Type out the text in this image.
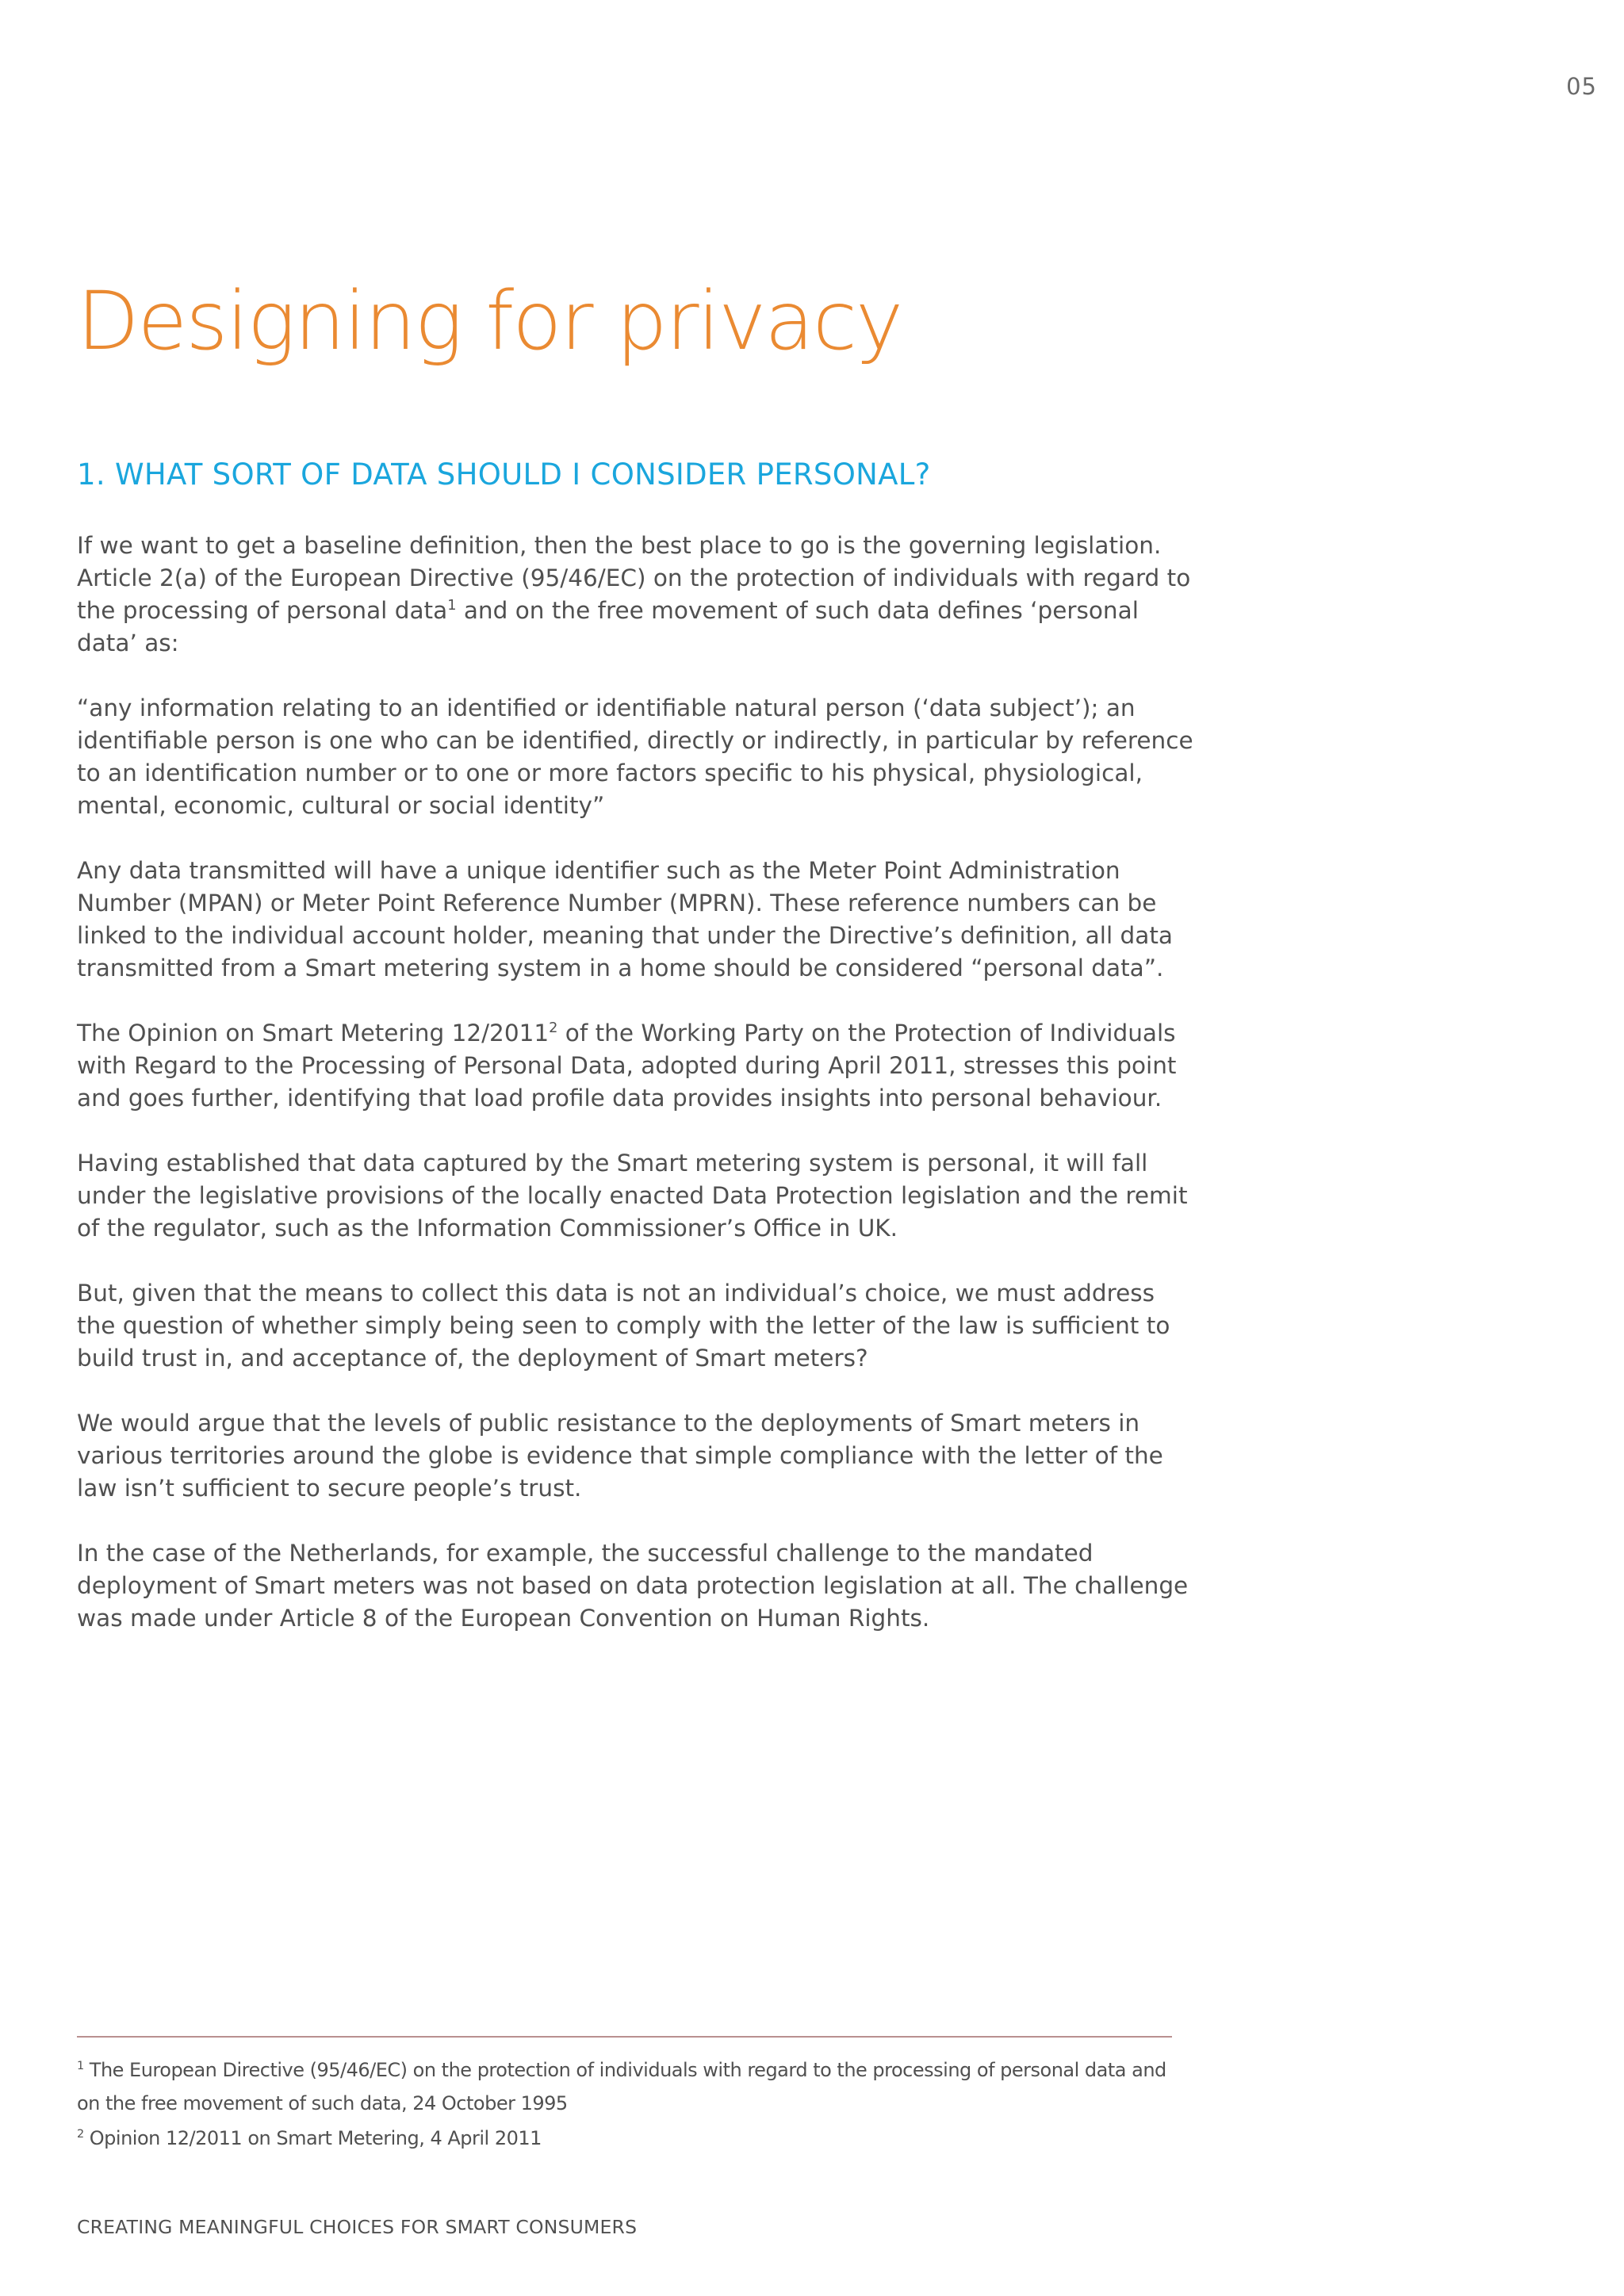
05
Designing for privacy
1. WHAT SORT OF DATA SHOULD I CONSIDER PERSONAL?

If we want to get a baseline definition, then the best place to go is the governing legislation. Article 2(a) of the European Directive (95/46/EC) on the protection of individuals with regard to the processing of personal data$^1$ and on the free movement of such data defines ‘personal data’ as:

“any information relating to an identified or identifiable natural person (‘data subject’); an identifiable person is one who can be identified, directly or indirectly, in particular by reference to an identification number or to one or more factors specific to his physical, physiological, mental, economic, cultural or social identity”

Any data transmitted will have a unique identifier such as the Meter Point Administration Number (MPAN) or Meter Point Reference Number (MPRN). These reference numbers can be linked to the individual account holder, meaning that under the Directive’s definition, all data transmitted from a Smart metering system in a home should be considered “personal data”.

The Opinion on Smart Metering 12/2011$^2$ of the Working Party on the Protection of Individuals with Regard to the Processing of Personal Data, adopted during April 2011, stresses this point and goes further, identifying that load profile data provides insights into personal behaviour.

Having established that data captured by the Smart metering system is personal, it will fall under the legislative provisions of the locally enacted Data Protection legislation and the remit of the regulator, such as the Information Commissioner’s Office in UK.

But, given that the means to collect this data is not an individual’s choice, we must address the question of whether simply being seen to comply with the letter of the law is sufficient to build trust in, and acceptance of, the deployment of Smart meters?

We would argue that the levels of public resistance to the deployments of Smart meters in various territories around the globe is evidence that simple compliance with the letter of the law isn’t sufficient to secure people’s trust.

In the case of the Netherlands, for example, the successful challenge to the mandated deployment of Smart meters was not based on data protection legislation at all. The challenge was made under Article 8 of the European Convention on Human Rights.

$^1$ The European Directive (95/46/EC) on the protection of individuals with regard to the processing of personal data and on the free movement of such data, 24 October 1995
$^2$ Opinion 12/2011 on Smart Metering, 4 April 2011
CREATING MEANINGFUL CHOICES FOR SMART CONSUMERS
